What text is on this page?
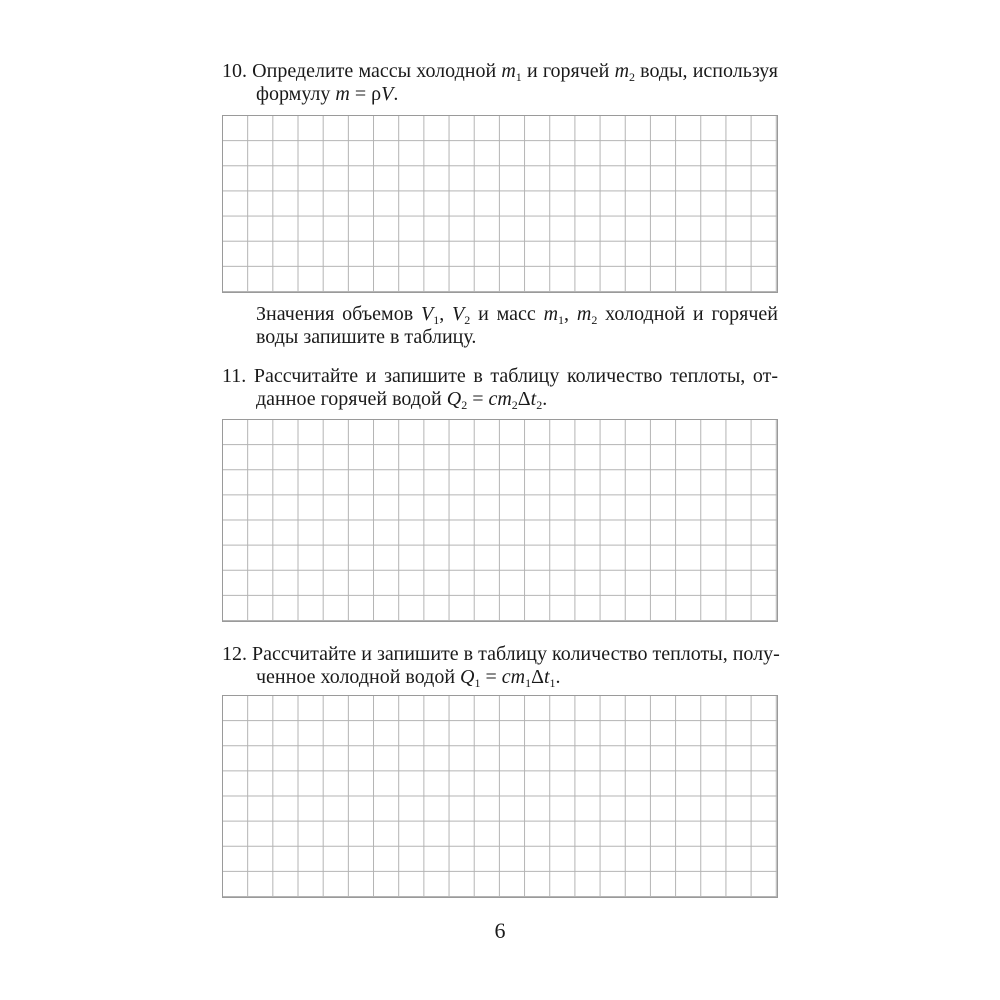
10. Определите массы холодной $m_1$ и горячей $m_2$ воды, используя
формулу m = ρV.
Значения объемов $V_1$, $V_2$ и масс $m_1$, $m_2$ холодной и горячей
воды запишите в таблицу.
11. Рассчитайте и запишите в таблицу количество теплоты, от-
данное горячей водой $Q_2 = cm_2\Delta t_2$.
12. Рассчитайте и запишите в таблицу количество теплоты, полу-
ченное холодной водой $Q_1 = cm_1\Delta t_1$.
6
